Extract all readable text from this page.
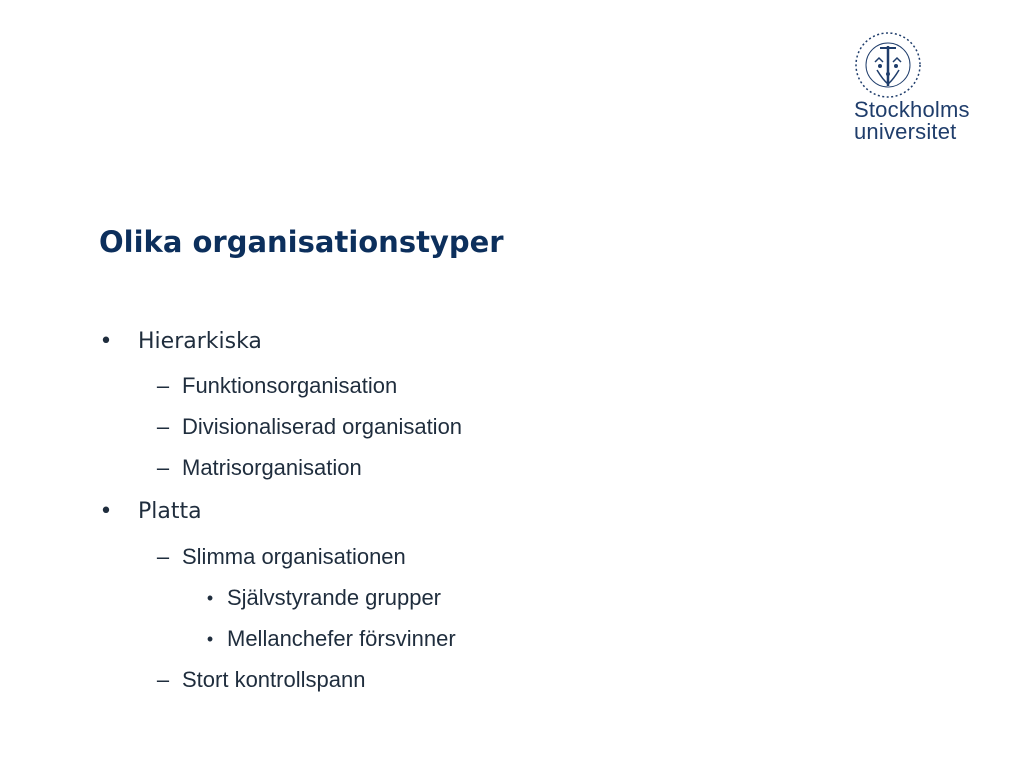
Stockholms
universitet
Olika organisationstyper
• Hierarkiska
– Funktionsorganisation
– Divisionaliserad organisation
– Matrisorganisation
• Platta
– Slimma organisationen
• Självstyrande grupper
• Mellanchefer försvinner
– Stort kontrollspann
